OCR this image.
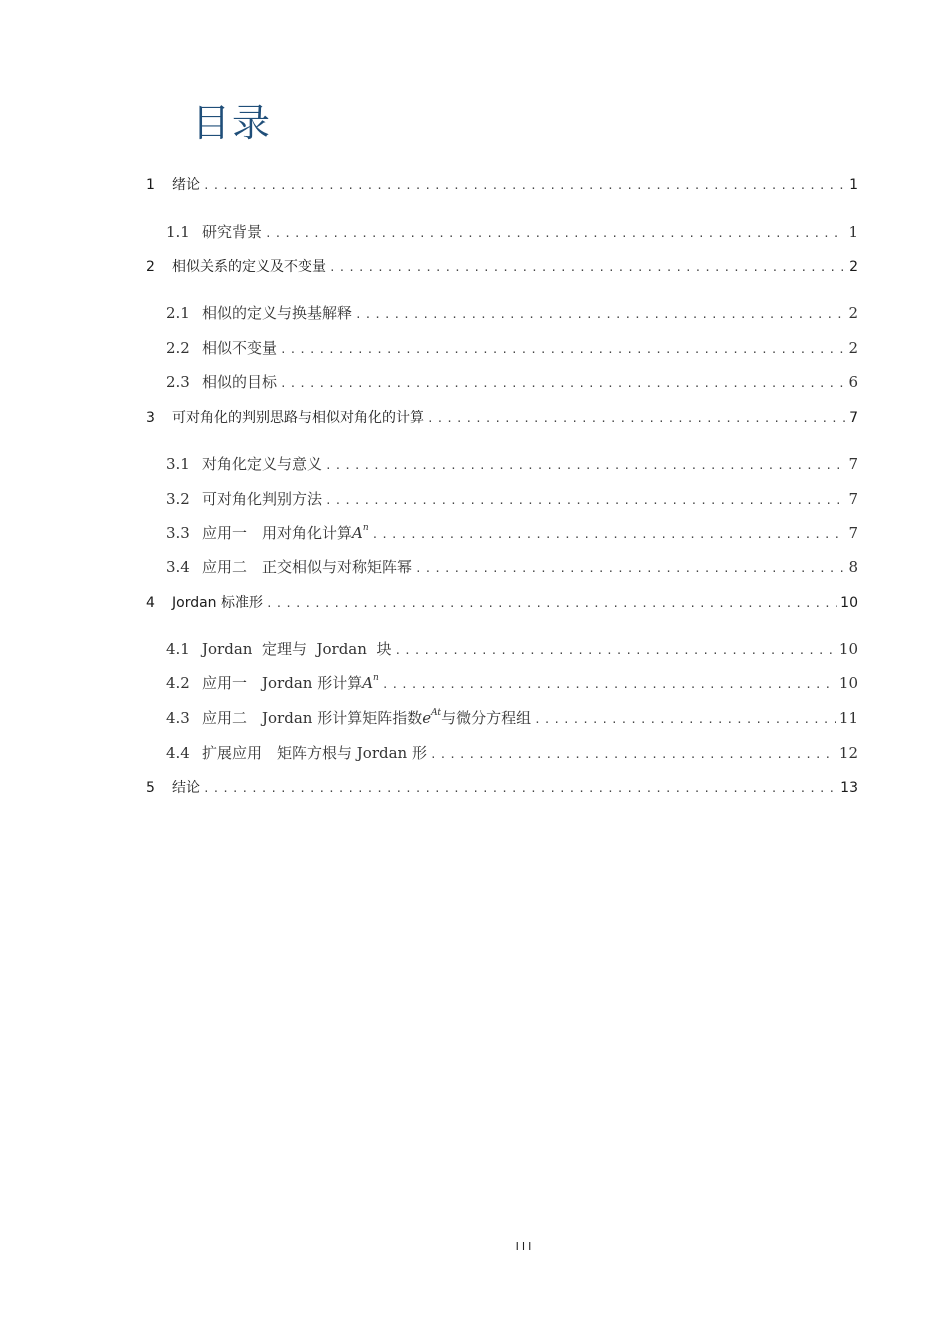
目录
1	绪论 .....	1
1.1 研究背景 .....	1
2	相似关系的定义及不变量 .....	2
2.1 相似的定义与换基解释 .....	2
2.2 相似不变量 .....	2
2.3 相似的目标 .....	6
3	可对角化的判别思路与相似对角化的计算 .....	7
3.1 对角化定义与意义 .....	7
3.2 可对角化判别方法 .....	7
3.3 应用一　用对角化计算$A^n$ .....	7
3.4 应用二　正交相似与对称矩阵幂 .....	8
4	Jordan 标准形 .....	10
4.1 Jordan  定理与  Jordan  块 .....	10
4.2 应用一　Jordan 形计算$A^n$ .....	10
4.3 应用二　Jordan 形计算矩阵指数$e^{At}$与微分方程组 .....	11
4.4 扩展应用　矩阵方根与 Jordan 形 .....	12
5	结论 .....	13
III
